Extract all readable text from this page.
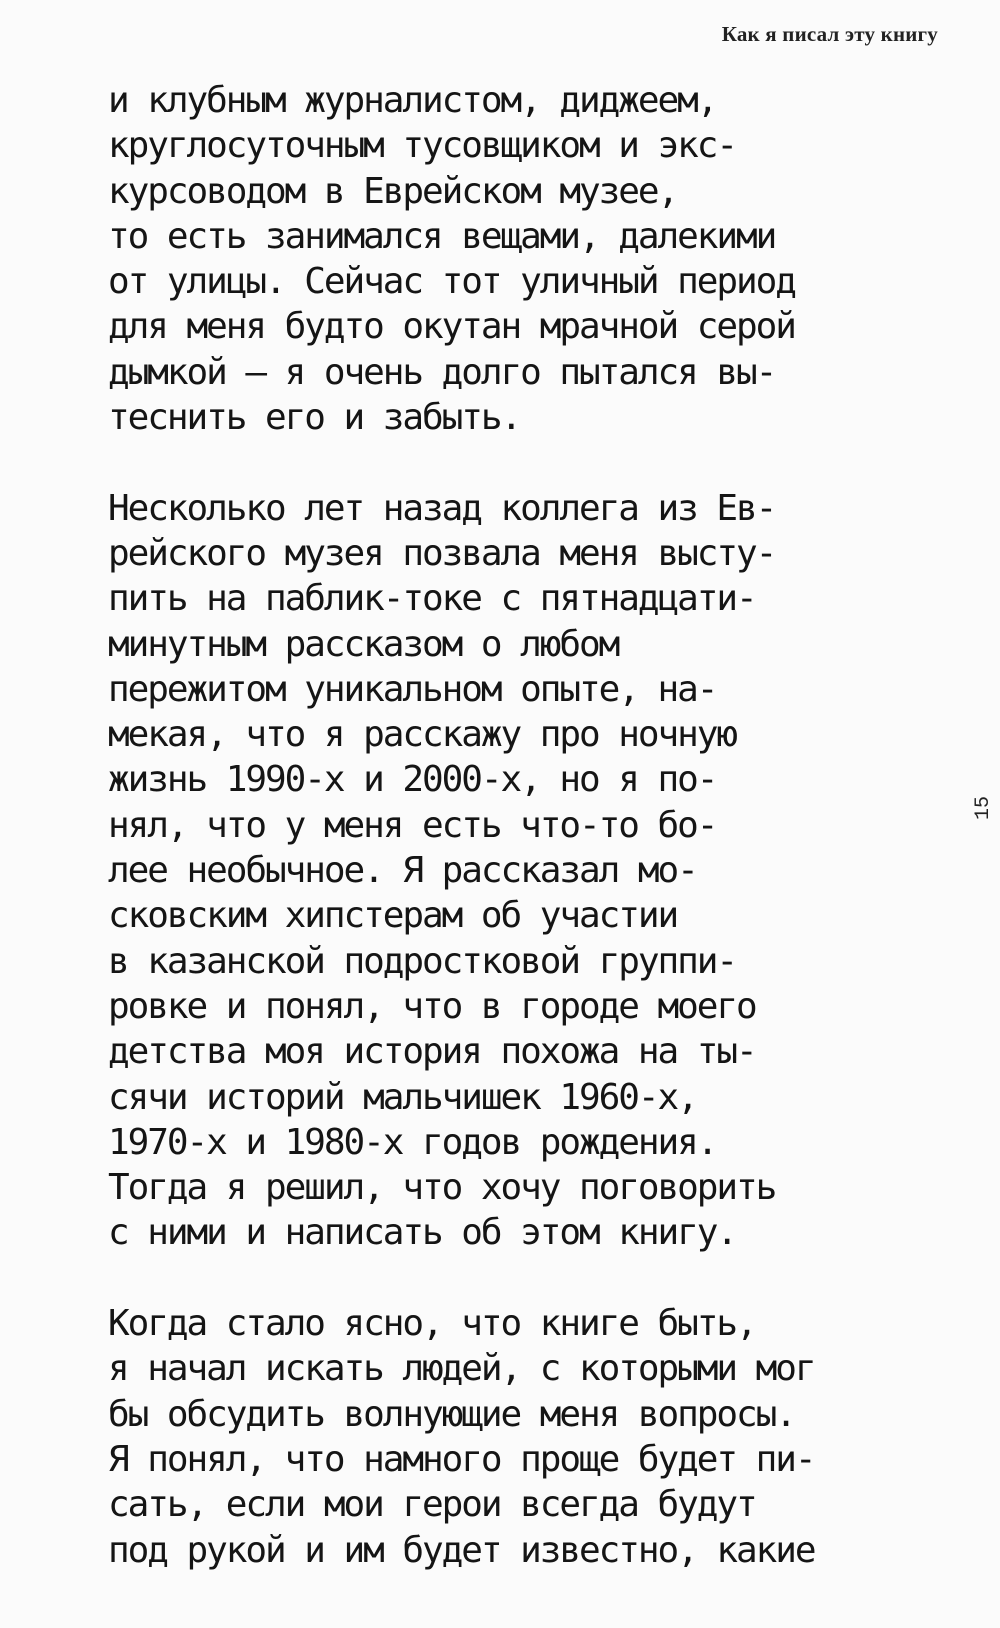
Как я писал эту книгу
15
и клубным журналистом, диджеем,
круглосуточным тусовщиком и экс-
курсоводом в Еврейском музее,
то есть занимался вещами, далекими
от улицы. Сейчас тот уличный период
для меня будто окутан мрачной серой
дымкой — я очень долго пытался вы-
теснить его и забыть.
Несколько лет назад коллега из Ев-
рейского музея позвала меня высту-
пить на паблик-токе с пятнадцати-
минутным рассказом о любом
пережитом уникальном опыте, на-
мекая, что я расскажу про ночную
жизнь 1990-х и 2000-х, но я по-
нял, что у меня есть что-то бо-
лее необычное. Я рассказал мо-
сковским хипстерам об участии
в казанской подростковой группи-
ровке и понял, что в городе моего
детства моя история похожа на ты-
сячи историй мальчишек 1960-х,
1970-х и 1980-х годов рождения.
Тогда я решил, что хочу поговорить
с ними и написать об этом книгу.
Когда стало ясно, что книге быть,
я начал искать людей, с которыми мог
бы обсудить волнующие меня вопросы.
Я понял, что намного проще будет пи-
сать, если мои герои всегда будут
под рукой и им будет известно, какие
